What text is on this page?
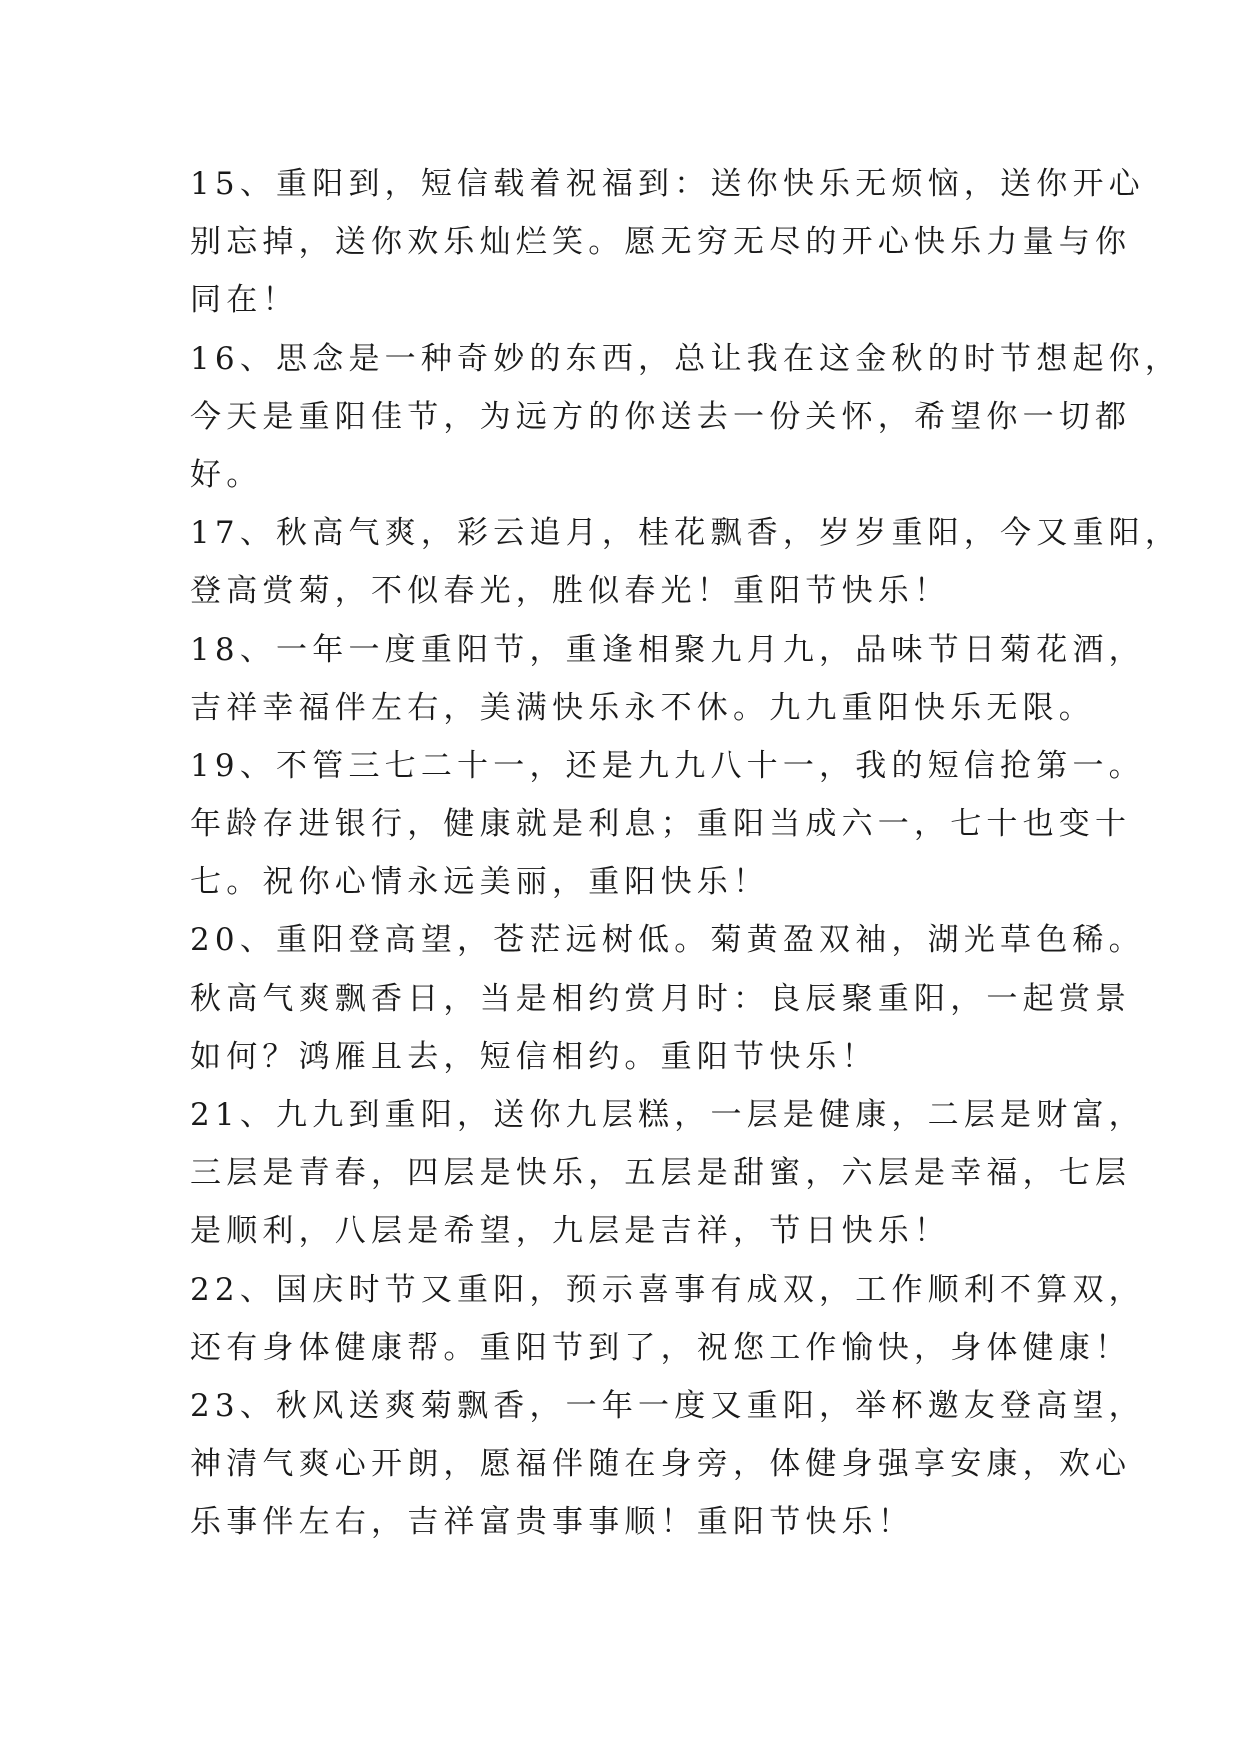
15、重阳到，短信载着祝福到：送你快乐无烦恼，送你开心
别忘掉，送你欢乐灿烂笑。愿无穷无尽的开心快乐力量与你
同在！
16、思念是一种奇妙的东西，总让我在这金秋的时节想起你，
今天是重阳佳节，为远方的你送去一份关怀，希望你一切都
好。
17、秋高气爽，彩云追月，桂花飘香，岁岁重阳，今又重阳，
登高赏菊，不似春光，胜似春光！重阳节快乐！
18、一年一度重阳节，重逢相聚九月九，品味节日菊花酒，
吉祥幸福伴左右，美满快乐永不休。九九重阳快乐无限。
19、不管三七二十一，还是九九八十一，我的短信抢第一。
年龄存进银行，健康就是利息；重阳当成六一，七十也变十
七。祝你心情永远美丽，重阳快乐！
20、重阳登高望，苍茫远树低。菊黄盈双袖，湖光草色稀。
秋高气爽飘香日，当是相约赏月时：良辰聚重阳，一起赏景
如何？鸿雁且去，短信相约。重阳节快乐！
21、九九到重阳，送你九层糕，一层是健康，二层是财富，
三层是青春，四层是快乐，五层是甜蜜，六层是幸福，七层
是顺利，八层是希望，九层是吉祥，节日快乐！
22、国庆时节又重阳，预示喜事有成双，工作顺利不算双，
还有身体健康帮。重阳节到了，祝您工作愉快，身体健康！
23、秋风送爽菊飘香，一年一度又重阳，举杯邀友登高望，
神清气爽心开朗，愿福伴随在身旁，体健身强享安康，欢心
乐事伴左右，吉祥富贵事事顺！重阳节快乐！
